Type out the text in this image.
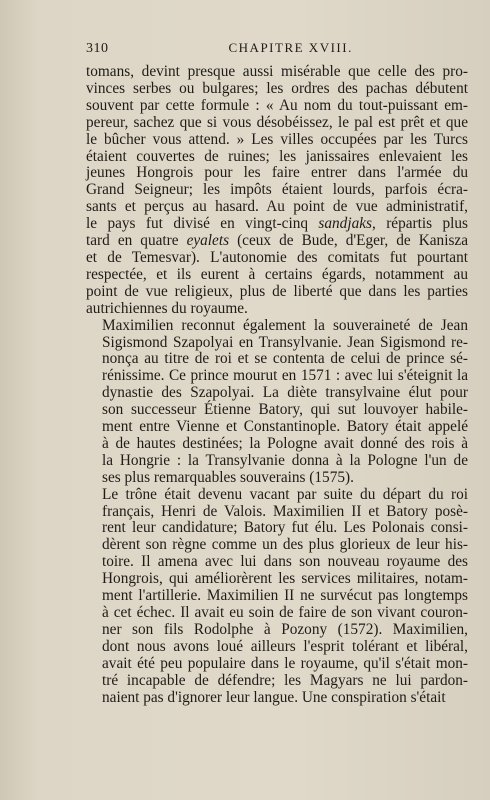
310	CHAPITRE XVIII.

tomans, devint presque aussi misérable que celle des pro-
vinces serbes ou bulgares; les ordres des pachas débutent
souvent par cette formule : « Au nom du tout-puissant em-
pereur, sachez que si vous désobéissez, le pal est prêt et que
le bûcher vous attend. » Les villes occupées par les Turcs
étaient couvertes de ruines; les janissaires enlevaient les
jeunes Hongrois pour les faire entrer dans l'armée du
Grand Seigneur; les impôts étaient lourds, parfois écra-
sants et perçus au hasard. Au point de vue administratif,
le pays fut divisé en vingt-cinq sandjaks, répartis plus
tard en quatre eyalets (ceux de Bude, d'Eger, de Kanisza
et de Temesvar). L'autonomie des comitats fut pourtant
respectée, et ils eurent à certains égards, notamment au
point de vue religieux, plus de liberté que dans les parties
autrichiennes du royaume.

Maximilien reconnut également la souveraineté de Jean
Sigismond Szapolyai en Transylvanie. Jean Sigismond re-
nonça au titre de roi et se contenta de celui de prince sé-
rénissime. Ce prince mourut en 1571 : avec lui s'éteignit la
dynastie des Szapolyai. La diète transylvaine élut pour
son successeur Étienne Batory, qui sut louvoyer habile-
ment entre Vienne et Constantinople. Batory était appelé
à de hautes destinées; la Pologne avait donné des rois à
la Hongrie : la Transylvanie donna à la Pologne l'un de
ses plus remarquables souverains (1575).

Le trône était devenu vacant par suite du départ du roi
français, Henri de Valois. Maximilien II et Batory posè-
rent leur candidature; Batory fut élu. Les Polonais consi-
dèrent son règne comme un des plus glorieux de leur his-
toire. Il amena avec lui dans son nouveau royaume des
Hongrois, qui améliorèrent les services militaires, notam-
ment l'artillerie. Maximilien II ne survécut pas longtemps
à cet échec. Il avait eu soin de faire de son vivant couron-
ner son fils Rodolphe à Pozony (1572). Maximilien,
dont nous avons loué ailleurs l'esprit tolérant et libéral,
avait été peu populaire dans le royaume, qu'il s'était mon-
tré incapable de défendre; les Magyars ne lui pardon-
naient pas d'ignorer leur langue. Une conspiration s'était
